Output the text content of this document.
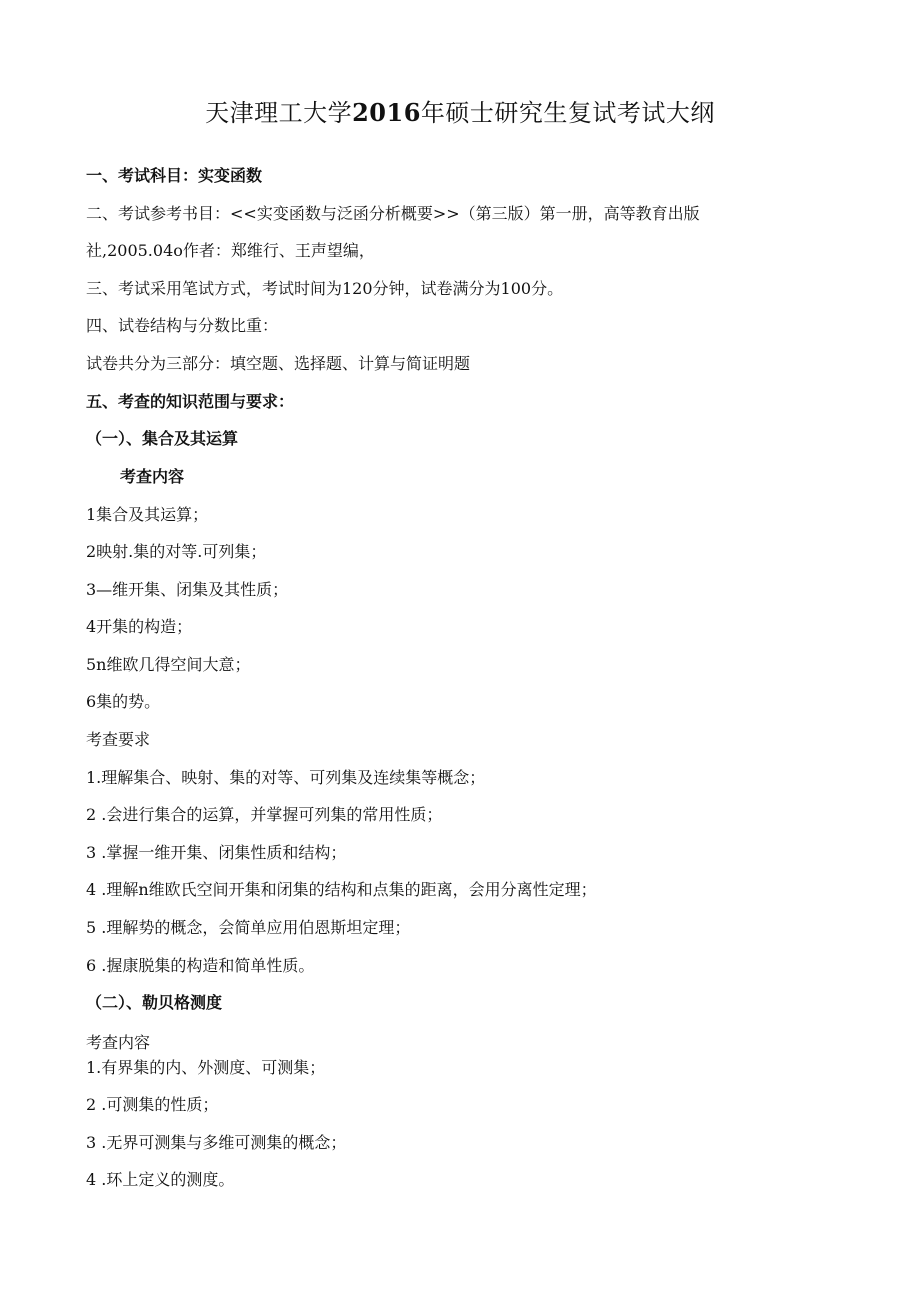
天津理工大学2016年硕士研究生复试考试大纲
一、考试科目：实变函数
二、考试参考书目：<<实变函数与泛函分析概要>>（第三版）第一册，高等教育出版
社,2005.04o作者：郑维行、王声望编，
三、考试采用笔试方式，考试时间为120分钟，试卷满分为100分。
四、试卷结构与分数比重：
试卷共分为三部分：填空题、选择题、计算与简证明题
五、考查的知识范围与要求：
（一）、集合及其运算
考查内容
1集合及其运算；
2映射.集的对等.可列集；
3—维开集、闭集及其性质；
4开集的构造；
5n维欧几得空间大意；
6集的势。
考查要求
1.理解集合、映射、集的对等、可列集及连续集等概念；
2 .会进行集合的运算，并掌握可列集的常用性质；
3 .掌握一维开集、闭集性质和结构；
4 .理解n维欧氏空间开集和闭集的结构和点集的距离，会用分离性定理；
5 .理解势的概念，会简单应用伯恩斯坦定理；
6 .握康脱集的构造和简单性质。
（二）、勒贝格测度
考查内容
1.有界集的内、外测度、可测集；
2 .可测集的性质；
3 .无界可测集与多维可测集的概念；
4 .环上定义的测度。
